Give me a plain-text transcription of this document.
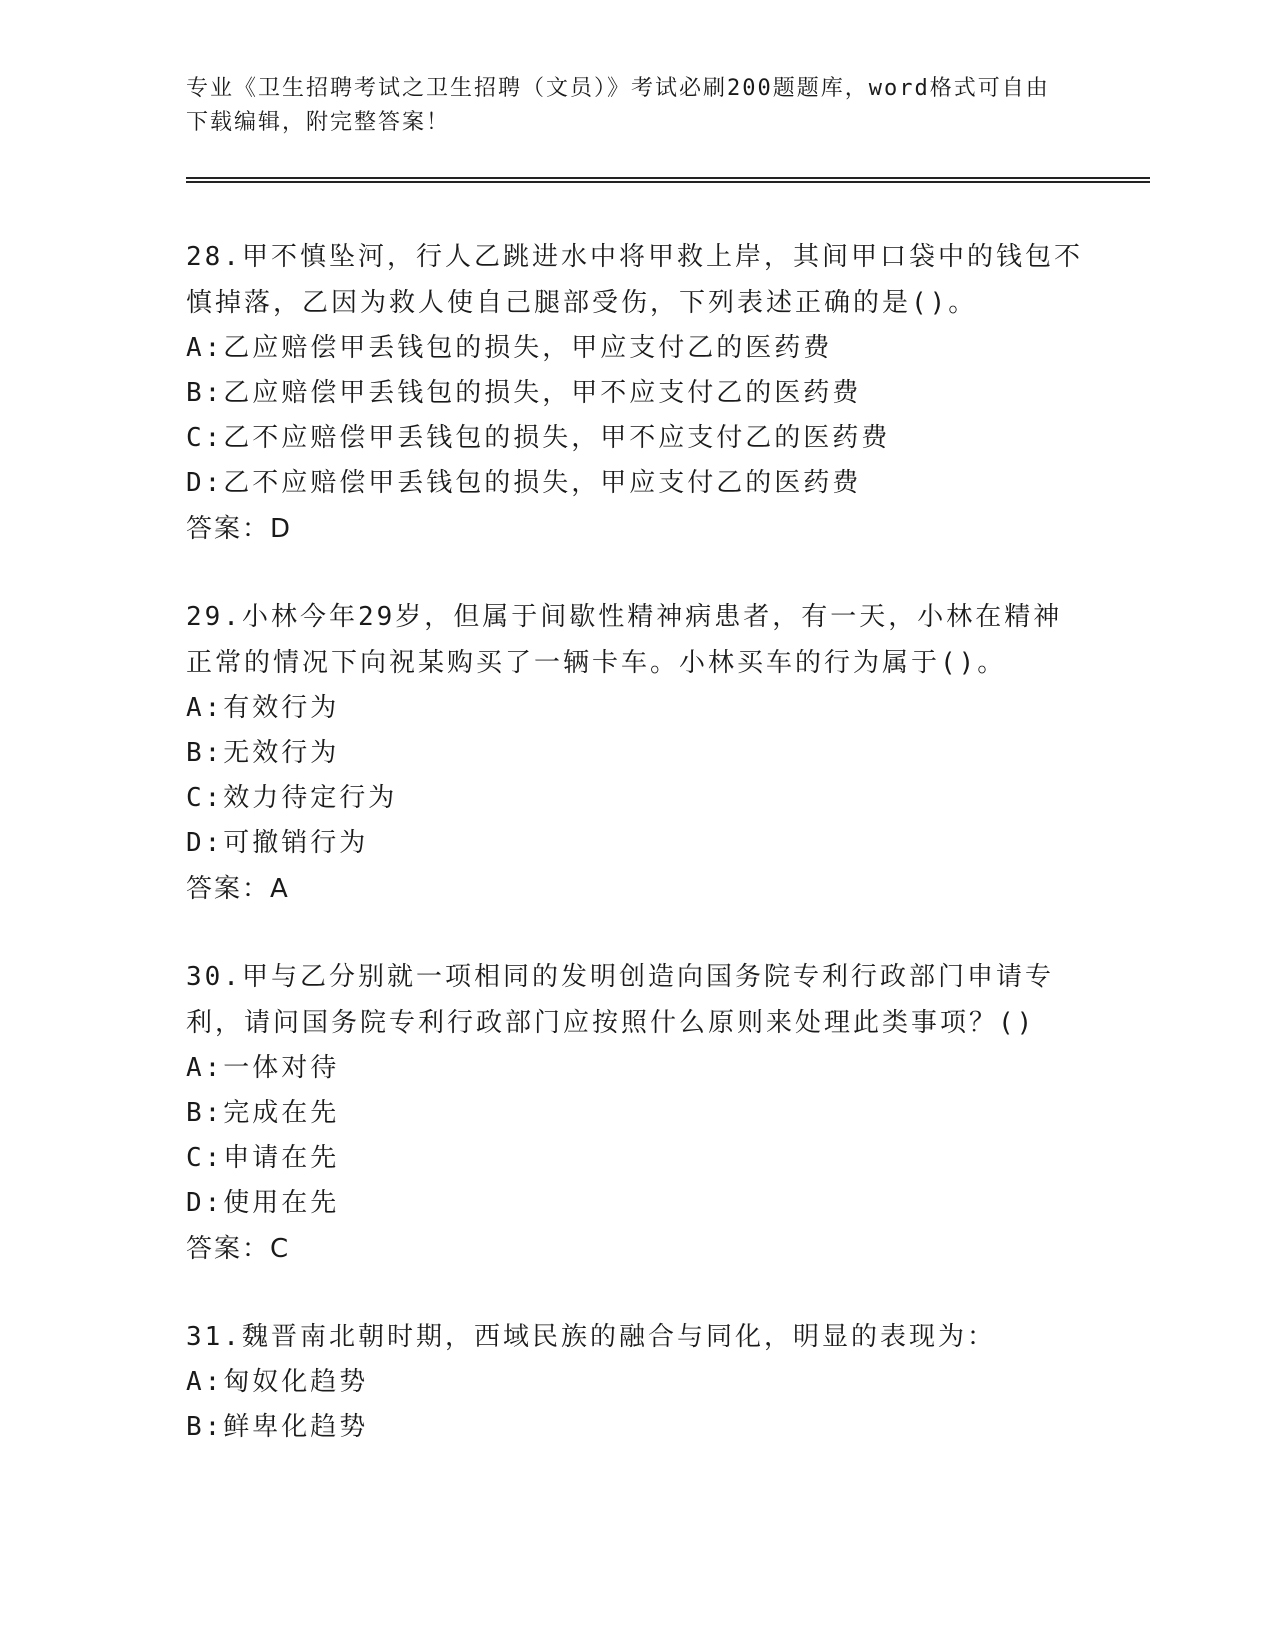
专业《卫生招聘考试之卫生招聘（文员）》考试必刷200题题库，word格式可自由下载编辑，附完整答案！

28.甲不慎坠河，行人乙跳进水中将甲救上岸，其间甲口袋中的钱包不慎掉落，乙因为救人使自己腿部受伤，下列表述正确的是()。

A:乙应赔偿甲丢钱包的损失，甲应支付乙的医药费

B:乙应赔偿甲丢钱包的损失，甲不应支付乙的医药费

C:乙不应赔偿甲丢钱包的损失，甲不应支付乙的医药费

D:乙不应赔偿甲丢钱包的损失，甲应支付乙的医药费

答案：D

29.小林今年29岁，但属于间歇性精神病患者，有一天，小林在精神正常的情况下向祝某购买了一辆卡车。小林买车的行为属于()。

A:有效行为

B:无效行为

C:效力待定行为

D:可撤销行为

答案：A

30.甲与乙分别就一项相同的发明创造向国务院专利行政部门申请专利，请问国务院专利行政部门应按照什么原则来处理此类事项？()

A:一体对待

B:完成在先

C:申请在先

D:使用在先

答案：C

31.魏晋南北朝时期，西域民族的融合与同化，明显的表现为：

A:匈奴化趋势

B:鲜卑化趋势
